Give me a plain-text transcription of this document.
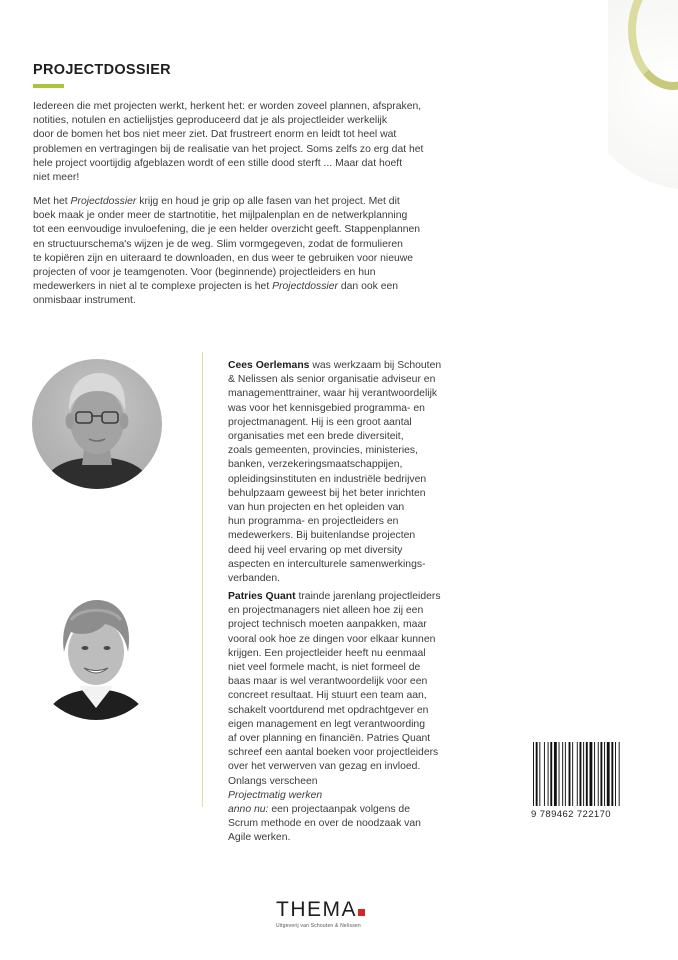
PROJECTDOSSIER
Iedereen die met projecten werkt, herkent het: er worden zoveel plannen, afspraken,
notities, notulen en actielijstjes geproduceerd dat je als projectleider werkelijk
door de bomen het bos niet meer ziet. Dat frustreert enorm en leidt tot heel wat
problemen en vertragingen bij de realisatie van het project. Soms zelfs zo erg dat het
hele project voortijdig afgeblazen wordt of een stille dood sterft ... Maar dat hoeft
niet meer!
Met het Projectdossier krijg en houd je grip op alle fasen van het project. Met dit
boek maak je onder meer de startnotitie, het mijlpalenplan en de netwerkplanning
tot een eenvoudige invuloefening, die je een helder overzicht geeft. Stappenplannen
en structuurschema's wijzen je de weg. Slim vormgegeven, zodat de formulieren
te kopiëren zijn en uiteraard te downloaden, en dus weer te gebruiken voor nieuwe
projecten of voor je teamgenoten. Voor (beginnende) projectleiders en hun
medewerkers in niet al te complexe projecten is het Projectdossier dan ook een
onmisbaar instrument.
Cees Oerlemans was werkzaam bij Schouten
& Nelissen als senior organisatie adviseur en
managementtrainer, waar hij verantwoordelijk
was voor het kennisgebied programma- en
projectmanagent. Hij is een groot aantal
organisaties met een brede diversiteit,
zoals gemeenten, provincies, ministeries,
banken, verzekeringsmaatschappijen,
opleidingsinstituten en industriële bedrijven
behulpzaam geweest bij het beter inrichten
van hun projecten en het opleiden van
hun programma- en projectleiders en
medewerkers. Bij buitenlandse projecten
deed hij veel ervaring op met diversity
aspecten en interculturele samenwerkings-
verbanden.
Patries Quant trainde jarenlang projectleiders
en projectmanagers niet alleen hoe zij een
project technisch moeten aanpakken, maar
vooral ook hoe ze dingen voor elkaar kunnen
krijgen. Een projectleider heeft nu eenmaal
niet veel formele macht, is niet formeel de
baas maar is wel verantwoordelijk voor een
concreet resultaat. Hij stuurt een team aan,
schakelt voortdurend met opdrachtgever en
eigen management en legt verantwoording
af over planning en financiën. Patries Quant
schreef een aantal boeken voor projectleiders
over het verwerven van gezag en invloed.
Onlangs verscheen
Projectmatig werken
anno nu: een projectaanpak volgens de
Scrum methode en over de noodzaak van
Agile werken.
9 789462 722170
THEMA
Uitgeverij van Schouten & Nelissen
